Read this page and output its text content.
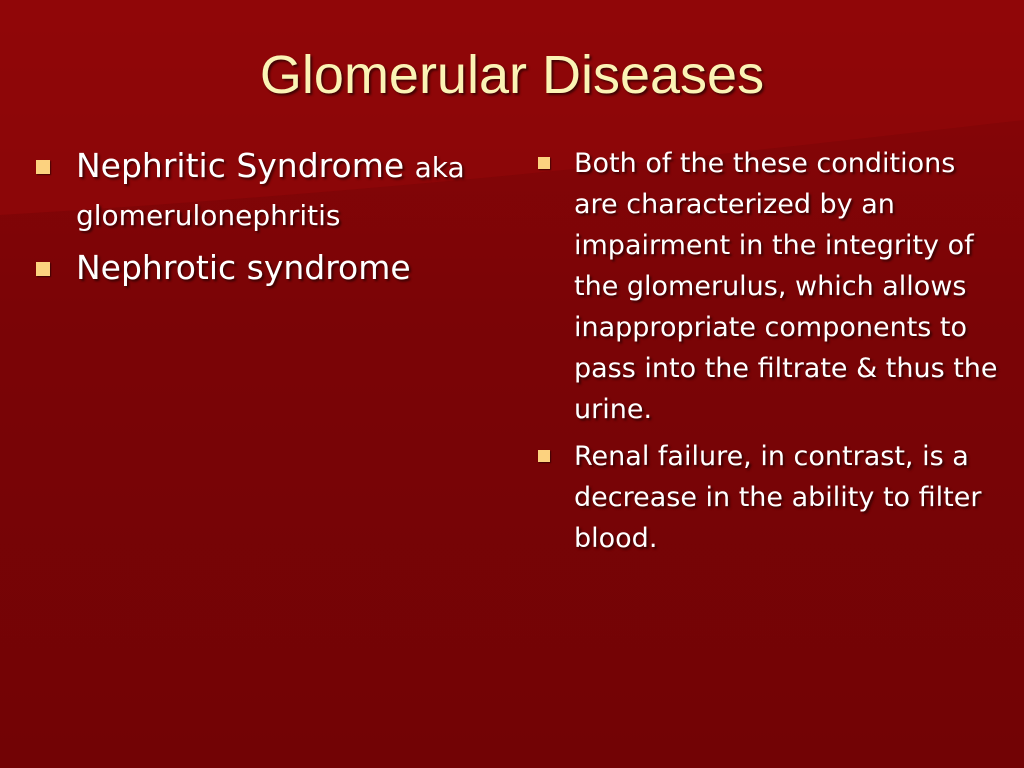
Glomerular Diseases
Nephritic Syndrome aka glomerulonephritis
Nephrotic syndrome
Both of the these conditions are characterized by an impairment in the integrity of the glomerulus, which allows inappropriate components to pass into the filtrate & thus the urine.
Renal failure, in contrast, is a decrease in the ability to filter blood.
